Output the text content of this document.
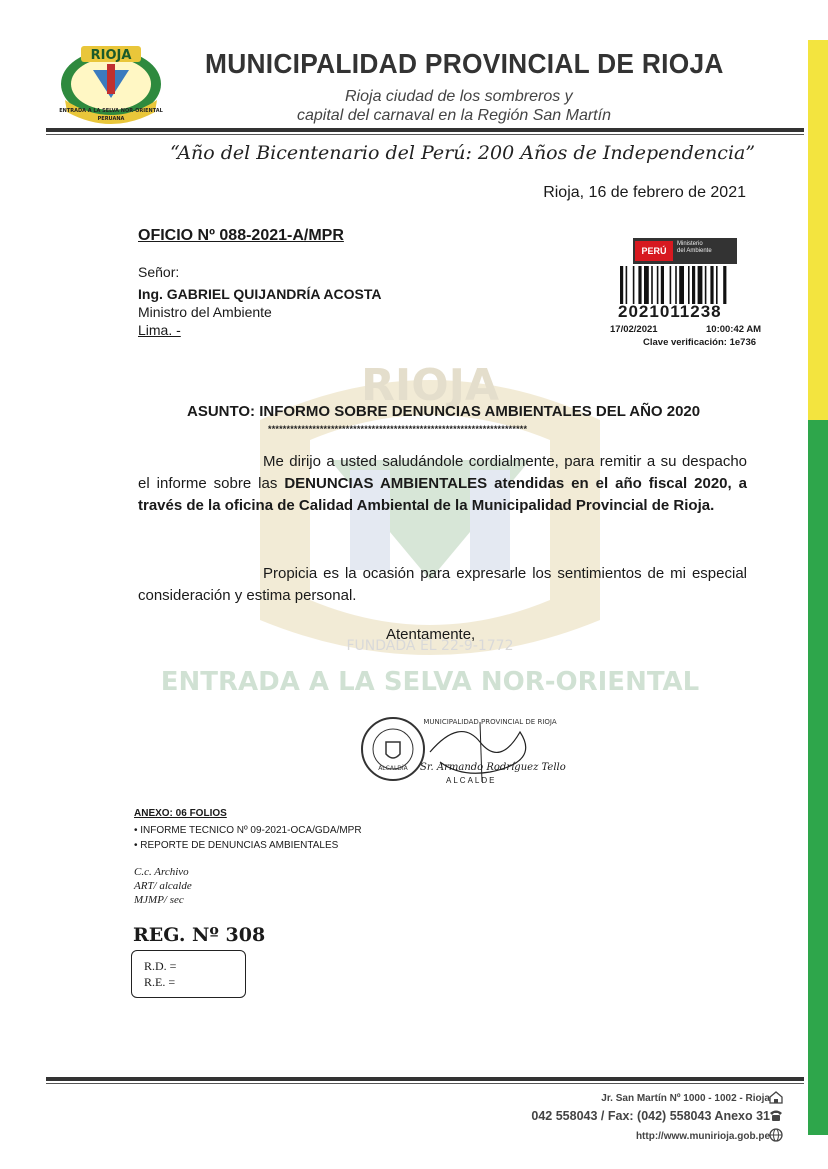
RIOJA
FUNDADA EL 22-9-1772
ENTRADA A LA SELVA NOR-ORIENTAL
RIOJA
ENTRADA A LA SELVA NOR-ORIENTAL
PERUANA
MUNICIPALIDAD PROVINCIAL DE RIOJA
Rioja ciudad de los sombreros y
capital del carnaval en la Región San Martín
“Año del Bicentenario del Perú: 200 Años de Independencia”
Rioja, 16 de febrero de 2021
OFICIO Nº 088-2021-A/MPR
Señor:
Ing. GABRIEL QUIJANDRÍA ACOSTA
Ministro del Ambiente
Lima. -
PERÚ
Ministerio
del Ambiente
2021011238
17/02/2021	10:00:42 AM
Clave verificación: 1e736
ASUNTO: INFORMO SOBRE DENUNCIAS AMBIENTALES DEL AÑO 2020
**********************************************************************
Me dirijo a usted saludándole cordialmente, para remitir a su despacho el informe sobre las DENUNCIAS AMBIENTALES atendidas en el año fiscal 2020, a través de la oficina de Calidad Ambiental de la Municipalidad Provincial de Rioja.
Propicia es la ocasión para expresarle los sentimientos de mi especial consideración y estima personal.
Atentamente,
ALCALDÍA
MUNICIPALIDAD PROVINCIAL DE RIOJA
Sr. Armando Rodríguez Tello
ALCALDE
ANEXO: 06 FOLIOS
• INFORME TECNICO Nº 09-2021-OCA/GDA/MPR
• REPORTE DE DENUNCIAS AMBIENTALES
C.c. Archivo
ART/ alcalde
MJMP/ sec
REG. Nº 308
R.D. =
R.E. =
Jr. San Martín Nº 1000 - 1002 - Rioja
042 558043 / Fax: (042) 558043 Anexo 31
http://www.munirioja.gob.pe
